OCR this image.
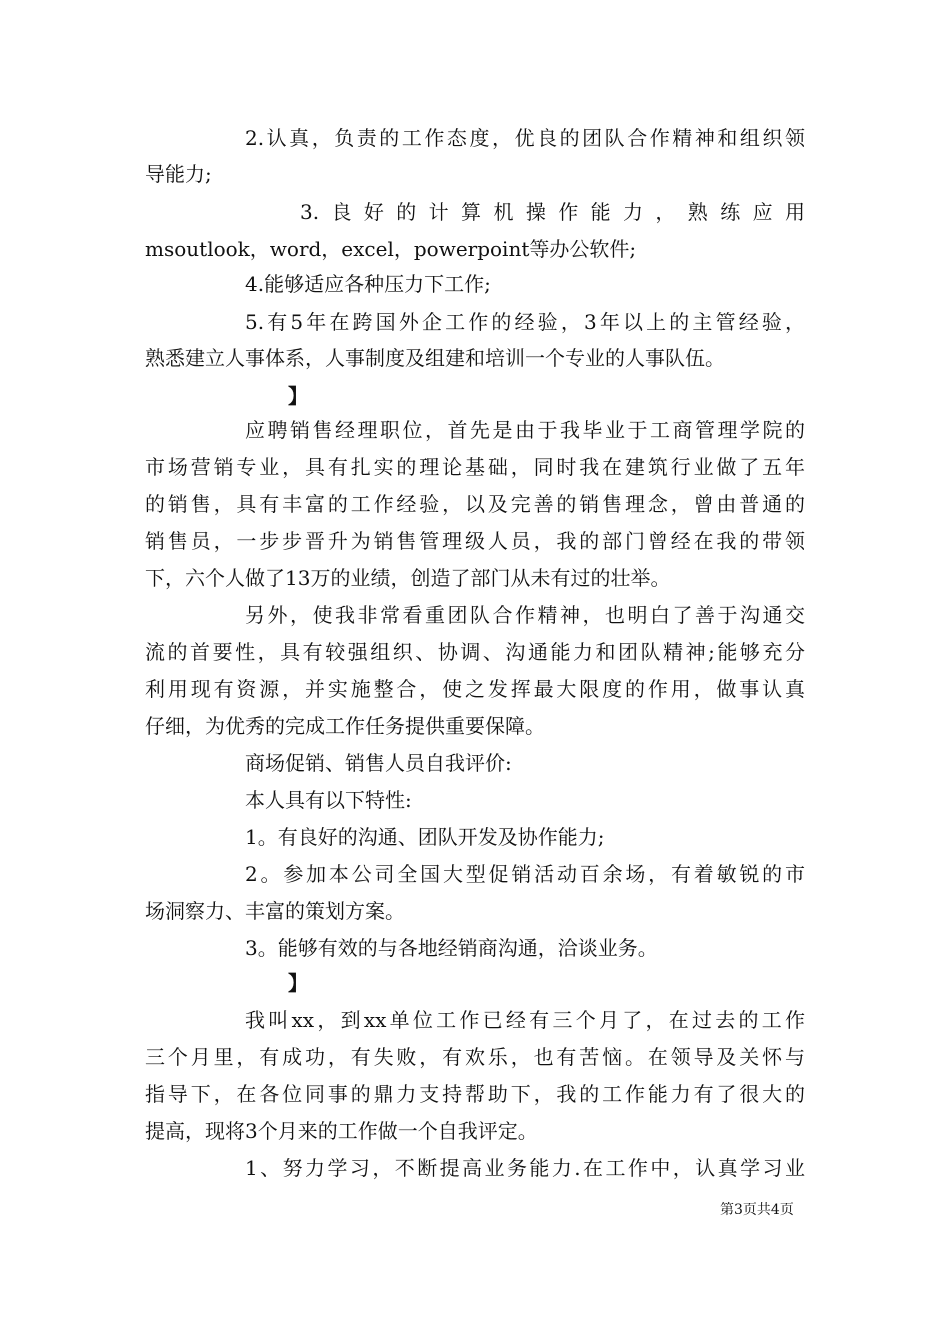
2.认真，负责的工作态度，优良的团队合作精神和组织领
导能力;
3.良好的计算机操作能力，熟练应用
msoutlook，word，excel，powerpoint等办公软件;
4.能够适应各种压力下工作;
5.有5年在跨国外企工作的经验，3年以上的主管经验，
熟悉建立人事体系，人事制度及组建和培训一个专业的人事队伍。
】
应聘销售经理职位，首先是由于我毕业于工商管理学院的
市场营销专业，具有扎实的理论基础，同时我在建筑行业做了五年
的销售，具有丰富的工作经验，以及完善的销售理念，曾由普通的
销售员，一步步晋升为销售管理级人员，我的部门曾经在我的带领
下，六个人做了13万的业绩，创造了部门从未有过的壮举。
另外，使我非常看重团队合作精神，也明白了善于沟通交
流的首要性，具有较强组织、协调、沟通能力和团队精神;能够充分
利用现有资源，并实施整合，使之发挥最大限度的作用，做事认真
仔细，为优秀的完成工作任务提供重要保障。
商场促销、销售人员自我评价:
本人具有以下特性:
1。有良好的沟通、团队开发及协作能力;
2。参加本公司全国大型促销活动百余场，有着敏锐的市
场洞察力、丰富的策划方案。
3。能够有效的与各地经销商沟通，洽谈业务。
】
我叫xx，到xx单位工作已经有三个月了，在过去的工作
三个月里，有成功，有失败，有欢乐，也有苦恼。在领导及关怀与
指导下，在各位同事的鼎力支持帮助下，我的工作能力有了很大的
提高，现将3个月来的工作做一个自我评定。
1、努力学习，不断提高业务能力.在工作中，认真学习业
第3页共4页
